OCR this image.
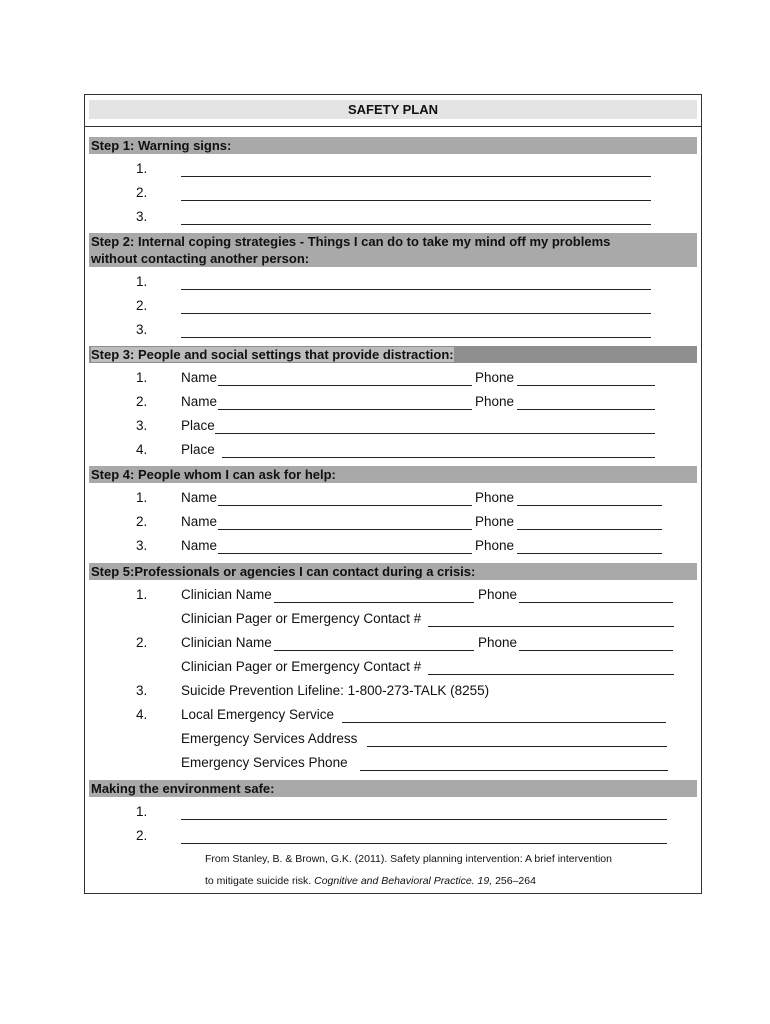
SAFETY PLAN
Step 1: Warning signs:
1.
2.
3.
Step 2: Internal coping strategies - Things I can do to take my mind off my problems
without contacting another person:
1.
2.
3.
Step 3: People and social settings that provide distraction:
1. Name	Phone
2. Name	Phone
3. Place
4. Place
Step 4: People whom I can ask for help:
1. Name	Phone
2. Name	Phone
3. Name	Phone
Step 5:Professionals or agencies I can contact during a crisis:
1. Clinician Name	Phone
Clinician Pager or Emergency Contact #
2. Clinician Name	Phone
Clinician Pager or Emergency Contact #
3. Suicide Prevention Lifeline: 1-800-273-TALK (8255)
4. Local Emergency Service
Emergency Services Address
Emergency Services Phone
Making the environment safe:
1.
2.
From Stanley, B. & Brown, G.K. (2011). Safety planning intervention: A brief intervention
to mitigate suicide risk. Cognitive and Behavioral Practice. 19, 256–264
